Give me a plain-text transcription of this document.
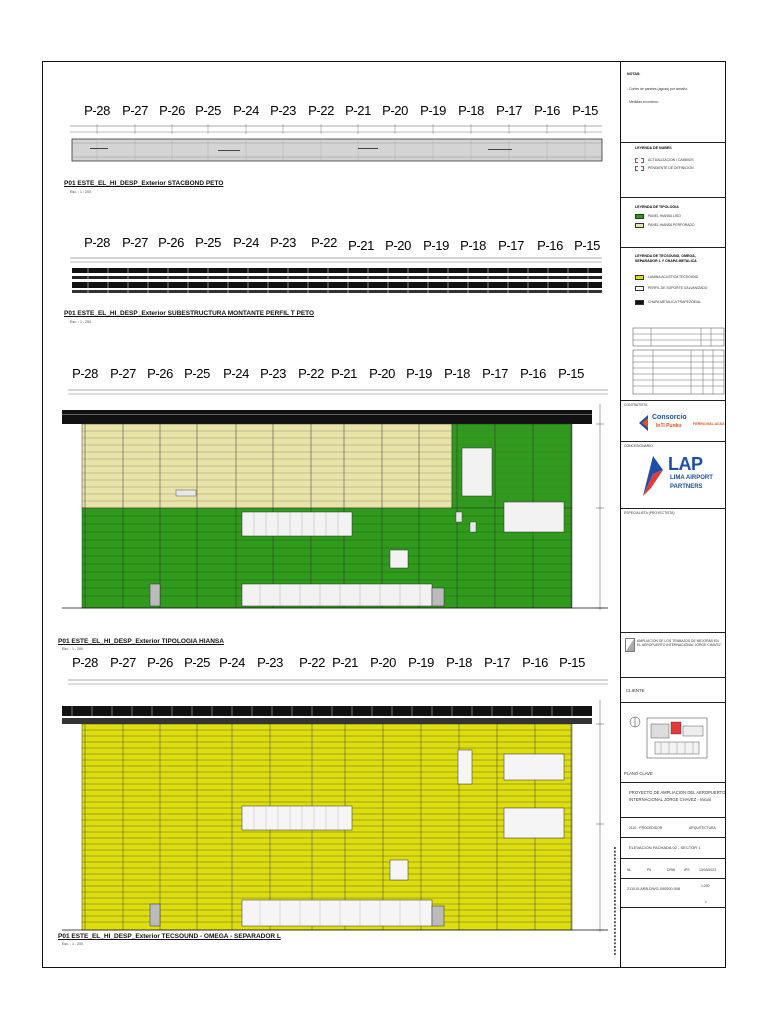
P-28 P-27 P-26 P-25 P-24 P-23 P-22 P-21 P-20 P-19 P-18 P-17 P-16 P-15
P01 ESTE_EL_HI_DESP_Exterior STACBOND PETO
Esc. : 1 : 200
P-28 P-27 P-26 P-25 P-24 P-23 P-22 P-21 P-20 P-19 P-18 P-17 P-16 P-15
P01 ESTE_EL_HI_DESP_Exterior SUBESTRUCTURA MONTANTE PERFIL T PETO
Esc. : 1 : 200
P-28 P-27 P-26 P-25 P-24 P-23 P-22 P-21 P-20 P-19 P-18 P-17 P-16 P-15
P01 ESTE_EL_HI_DESP_Exterior TIPOLOGIA HIANSA
Esc. : 1 : 200
P-28 P-27 P-26 P-25 P-24 P-23 P-22 P-21 P-20 P-19 P-18 P-17 P-16 P-15
P01 ESTE_EL_HI_DESP_Exterior TECSOUND - OMEGA - SEPARADOR L
Esc. : 1 : 200
NOTAS:
- Cortes de paneles (aguas) por tamaño.
- Medidas en metros.
LEYENDA DE NUBES
ACTUALIZACION / CAMBIOS
PENDIENTE DE DEFINICION
LEYENDA DE TIPOLOGIA
PANEL HIANSA LISO
PANEL HIANSA PERFORADO
LEYENDA DE TECSOUND, OMEGA, SEPARADOR L Y CHAPA METALICA
LAMINA ACUSTICA TECSOUND
PERFIL DE SOPORTE GALVANIZADO
CHAPA METALICA TRAPEZOIDAL
CONTRATISTA
Consorcio
InTi Punku	FERROVIAL ACSA
CONCESIONARIO
LAP
LIMA AIRPORT
PARTNERS
ESPECIALISTA (PROYECTISTA)
AMPLIACION DE LOS TRABAJOS DE MEJORAS EN EL AEROPUERTO INTERNACIONAL JORGE CHAVEZ
CLIENTE
PLANO CLAVE
PROYECTO DE AMPLIACION DEL AEROPUERTO
INTERNACIONAL JORGE CHAVEZ - Inicial
2110 - PROCEDIDOR	ARQUITECTURA
ELEVACION FACHADA 02 - SECTOR 1
NL	P0	DRW	IPS	13/03/2023
2110-B-ARB-DWG-000000-008
1:200
1
■ ■ ■ ■ ■ ■ ■ ■ ■ ■ ■ ■ ■ ■ ■ ■ ■ ■ ■ ■ ■ ■ ■ ■ ■ ■ ■ ■ ■ ■ ■
